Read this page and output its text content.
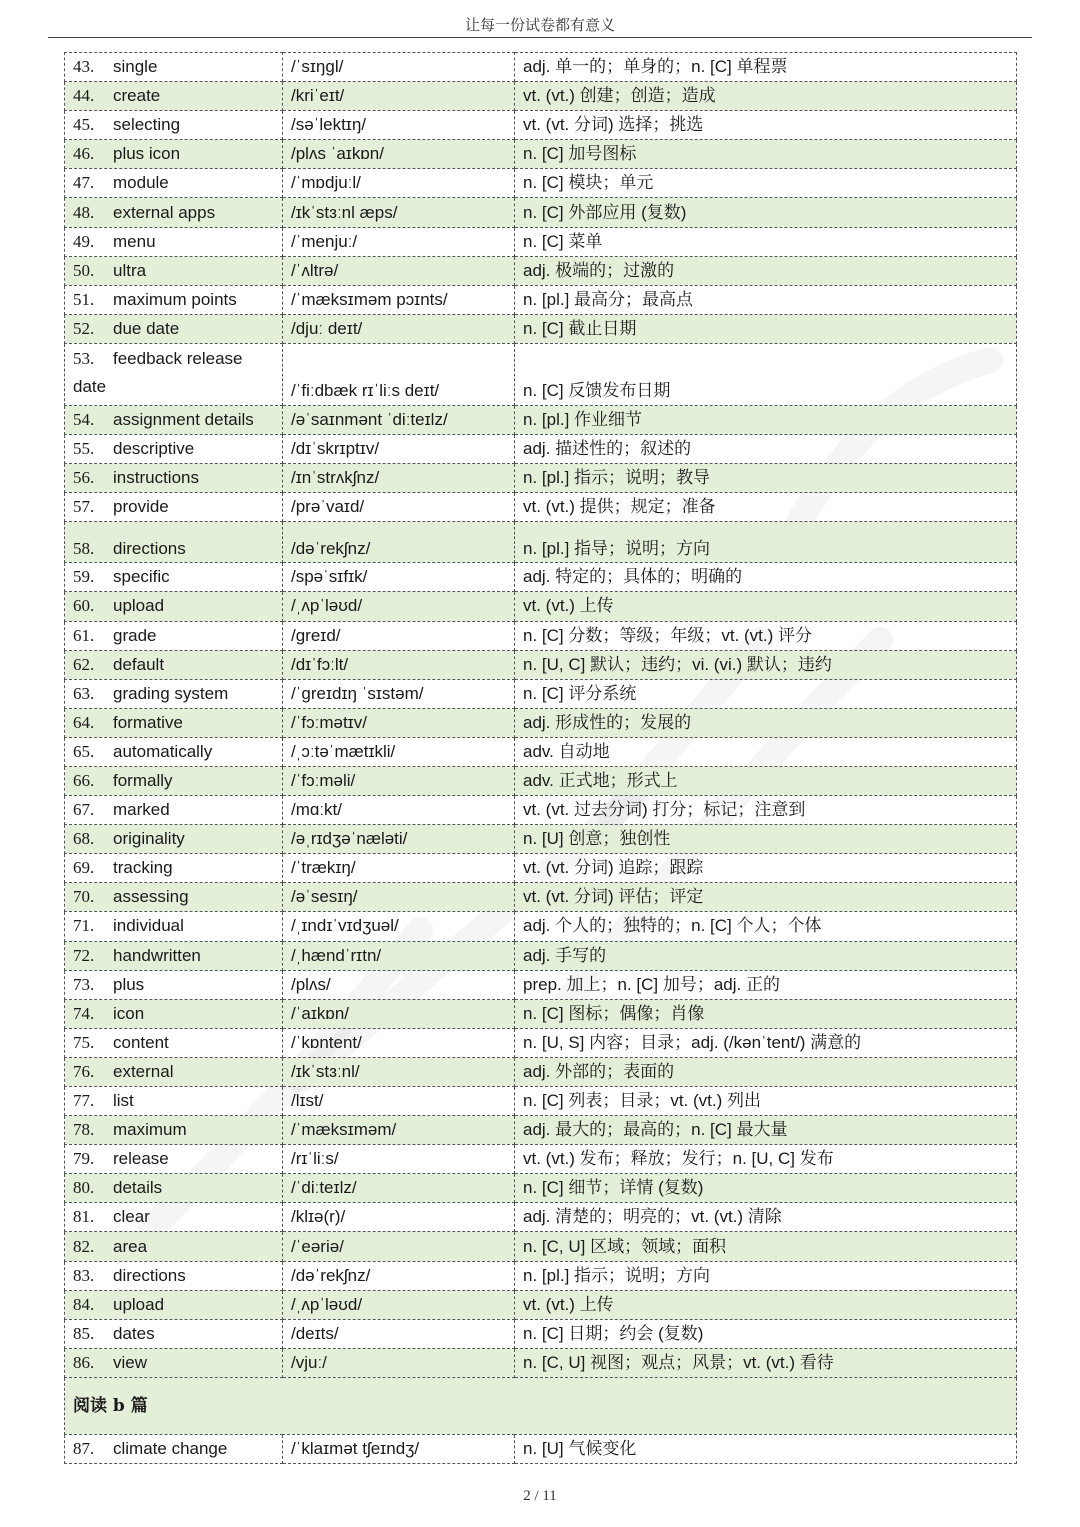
让每一份试卷都有意义
43. single	/ˈsɪŋgl/	adj. 单一的；单身的；n. [C] 单程票
44. create	/kriˈeɪt/	vt. (vt.) 创建；创造；造成
45. selecting	/səˈlektɪŋ/	vt. (vt. 分词) 选择；挑选
46. plus icon	/plʌs ˈaɪkɒn/	n. [C] 加号图标
47. module	/ˈmɒdjuːl/	n. [C] 模块；单元
48. external apps	/ɪkˈstɜːnl æps/	n. [C] 外部应用 (复数)
49. menu	/ˈmenjuː/	n. [C] 菜单
50. ultra	/ˈʌltrə/	adj. 极端的；过激的
51. maximum points	/ˈmæksɪməm pɔɪnts/	n. [pl.] 最高分；最高点
52. due date	/djuː deɪt/	n. [C] 截止日期
53. feedback release date	/ˈfiːdbæk rɪˈliːs deɪt/	n. [C] 反馈发布日期
54. assignment details	/əˈsaɪnmənt ˈdiːteɪlz/	n. [pl.] 作业细节
55. descriptive	/dɪˈskrɪptɪv/	adj. 描述性的；叙述的
56. instructions	/ɪnˈstrʌkʃnz/	n. [pl.] 指示；说明；教导
57. provide	/prəˈvaɪd/	vt. (vt.) 提供；规定；准备
58. directions	/dəˈrekʃnz/	n. [pl.] 指导；说明；方向
59. specific	/spəˈsɪfɪk/	adj. 特定的；具体的；明确的
60. upload	/ˌʌpˈləʊd/	vt. (vt.) 上传
61. grade	/greɪd/	n. [C] 分数；等级；年级；vt. (vt.) 评分
62. default	/dɪˈfɔːlt/	n. [U, C] 默认；违约；vi. (vi.) 默认；违约
63. grading system	/ˈgreɪdɪŋ ˈsɪstəm/	n. [C] 评分系统
64. formative	/ˈfɔːmətɪv/	adj. 形成性的；发展的
65. automatically	/ˌɔːtəˈmætɪkli/	adv. 自动地
66. formally	/ˈfɔːməli/	adv. 正式地；形式上
67. marked	/mɑːkt/	vt. (vt. 过去分词) 打分；标记；注意到
68. originality	/əˌrɪdʒəˈnæləti/	n. [U] 创意；独创性
69. tracking	/ˈtrækɪŋ/	vt. (vt. 分词) 追踪；跟踪
70. assessing	/əˈsesɪŋ/	vt. (vt. 分词) 评估；评定
71. individual	/ˌɪndɪˈvɪdʒuəl/	adj. 个人的；独特的；n. [C] 个人；个体
72. handwritten	/ˌhændˈrɪtn/	adj. 手写的
73. plus	/plʌs/	prep. 加上；n. [C] 加号；adj. 正的
74. icon	/ˈaɪkɒn/	n. [C] 图标；偶像；肖像
75. content	/ˈkɒntent/	n. [U, S] 内容；目录；adj. (/kənˈtent/) 满意的
76. external	/ɪkˈstɜːnl/	adj. 外部的；表面的
77. list	/lɪst/	n. [C] 列表；目录；vt. (vt.) 列出
78. maximum	/ˈmæksɪməm/	adj. 最大的；最高的；n. [C] 最大量
79. release	/rɪˈliːs/	vt. (vt.) 发布；释放；发行；n. [U, C] 发布
80. details	/ˈdiːteɪlz/	n. [C] 细节；详情 (复数)
81. clear	/klɪə(r)/	adj. 清楚的；明亮的；vt. (vt.) 清除
82. area	/ˈeəriə/	n. [C, U] 区域；领域；面积
83. directions	/dəˈrekʃnz/	n. [pl.] 指示；说明；方向
84. upload	/ˌʌpˈləʊd/	vt. (vt.) 上传
85. dates	/deɪts/	n. [C] 日期；约会 (复数)
86. view	/vjuː/	n. [C, U] 视图；观点；风景；vt. (vt.) 看待
阅读 b 篇		
87. climate change	/ˈklaɪmət tʃeɪndʒ/	n. [U] 气候变化
2 / 11
